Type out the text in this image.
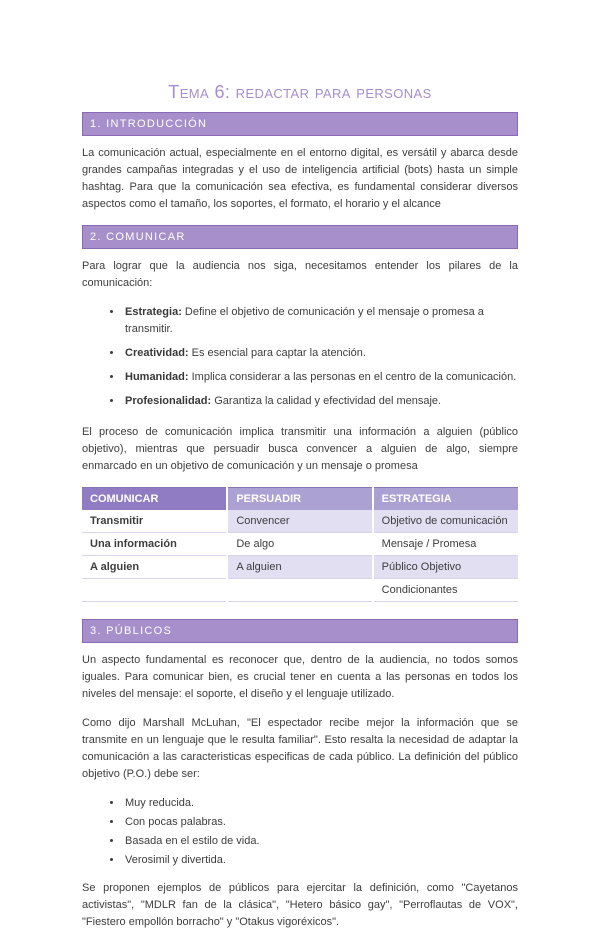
Tema 6: redactar para personas
1. INTRODUCCIÓN

La comunicación actual, especialmente en el entorno digital, es versátil y abarca desde grandes campañas integradas y el uso de inteligencia artificial (bots) hasta un simple hashtag. Para que la comunicación sea efectiva, es fundamental considerar diversos aspectos como el tamaño, los soportes, el formato, el horario y el alcance

2. COMUNICAR

Para lograr que la audiencia nos siga, necesitamos entender los pilares de la comunicación:

• Estrategia: Define el objetivo de comunicación y el mensaje o promesa a transmitir.
• Creatividad: Es esencial para captar la atención.
• Humanidad: Implica considerar a las personas en el centro de la comunicación.
• Profesionalidad: Garantiza la calidad y efectividad del mensaje.

El proceso de comunicación implica transmitir una información a alguien (público objetivo), mientras que persuadir busca convencer a alguien de algo, siempre enmarcado en un objetivo de comunicación y un mensaje o promesa

COMUNICAR	PERSUADIR	ESTRATEGIA
Transmitir	Convencer	Objetivo de comunicación
Una información	De algo	Mensaje / Promesa
A alguien	A alguien	Público Objetivo
		Condicionantes
3. PÚBLICOS

Un aspecto fundamental es reconocer que, dentro de la audiencia, no todos somos iguales. Para comunicar bien, es crucial tener en cuenta a las personas en todos los niveles del mensaje: el soporte, el diseño y el lenguaje utilizado.

Como dijo Marshall McLuhan, "El espectador recibe mejor la información que se transmite en un lenguaje que le resulta familiar". Esto resalta la necesidad de adaptar la comunicación a las caracteristicas especificas de cada público. La definición del público objetivo (P.O.) debe ser:

• Muy reducida.
• Con pocas palabras.
• Basada en el estilo de vida.
• Verosimil y divertida.

Se proponen ejemplos de públicos para ejercitar la definición, como "Cayetanos activistas", "MDLR fan de la clásica", "Hetero básico gay", "Perroflautas de VOX", "Fiestero empollón borracho" y "Otakus vigoréxicos".
